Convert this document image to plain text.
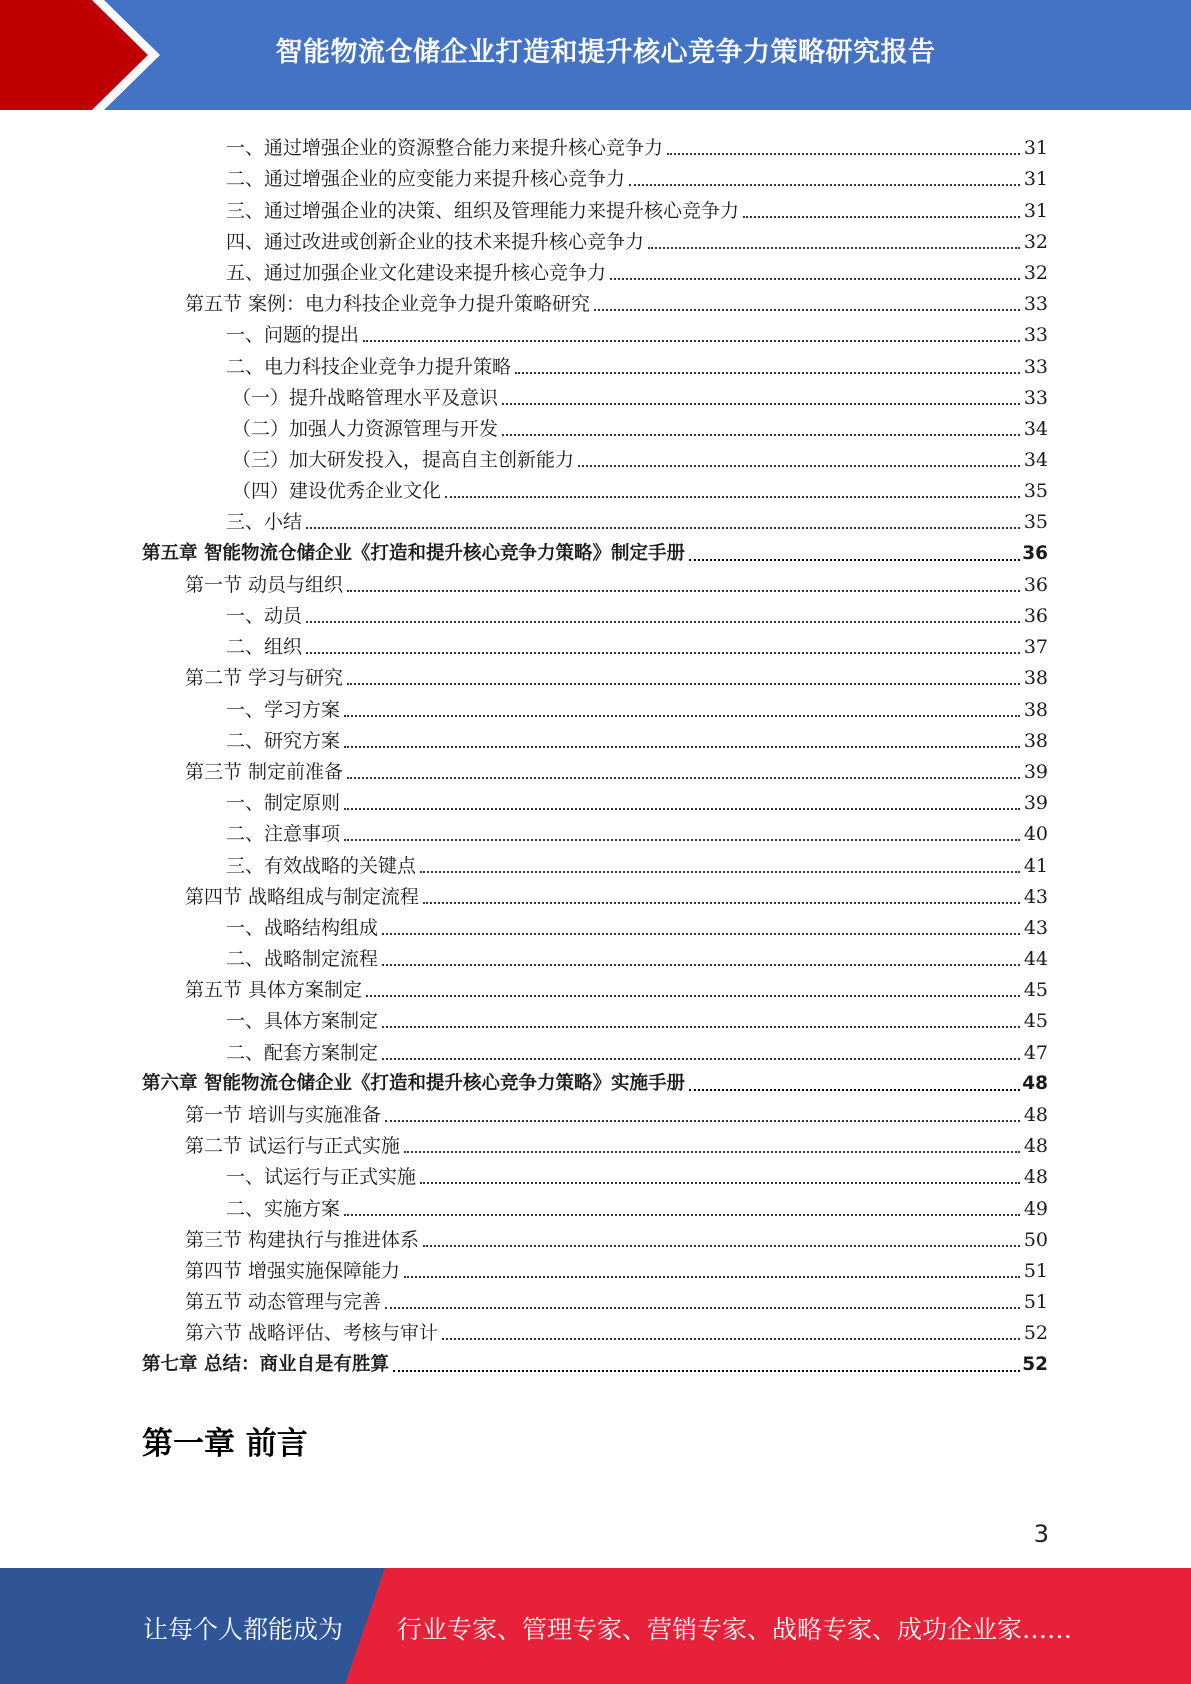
智能物流仓储企业打造和提升核心竞争力策略研究报告
一、通过增强企业的资源整合能力来提升核心竞争力	31
二、通过增强企业的应变能力来提升核心竞争力	31
三、通过增强企业的决策、组织及管理能力来提升核心竞争力	31
四、通过改进或创新企业的技术来提升核心竞争力	32
五、通过加强企业文化建设来提升核心竞争力	32
第五节 案例：电力科技企业竞争力提升策略研究	33
一、问题的提出	33
二、电力科技企业竞争力提升策略	33
（一）提升战略管理水平及意识	33
（二）加强人力资源管理与开发	34
（三）加大研发投入，提高自主创新能力	34
（四）建设优秀企业文化	35
三、小结	35
第五章 智能物流仓储企业《打造和提升核心竞争力策略》制定手册	36
第一节 动员与组织	36
一、动员	36
二、组织	37
第二节 学习与研究	38
一、学习方案	38
二、研究方案	38
第三节 制定前准备	39
一、制定原则	39
二、注意事项	40
三、有效战略的关键点	41
第四节 战略组成与制定流程	43
一、战略结构组成	43
二、战略制定流程	44
第五节 具体方案制定	45
一、具体方案制定	45
二、配套方案制定	47
第六章 智能物流仓储企业《打造和提升核心竞争力策略》实施手册	48
第一节 培训与实施准备	48
第二节 试运行与正式实施	48
一、试运行与正式实施	48
二、实施方案	49
第三节 构建执行与推进体系	50
第四节 增强实施保障能力	51
第五节 动态管理与完善	51
第六节 战略评估、考核与审计	52
第七章 总结：商业自是有胜算	52
第一章 前言
3
让每个人都能成为 行业专家、管理专家、营销专家、战略专家、成功企业家……
